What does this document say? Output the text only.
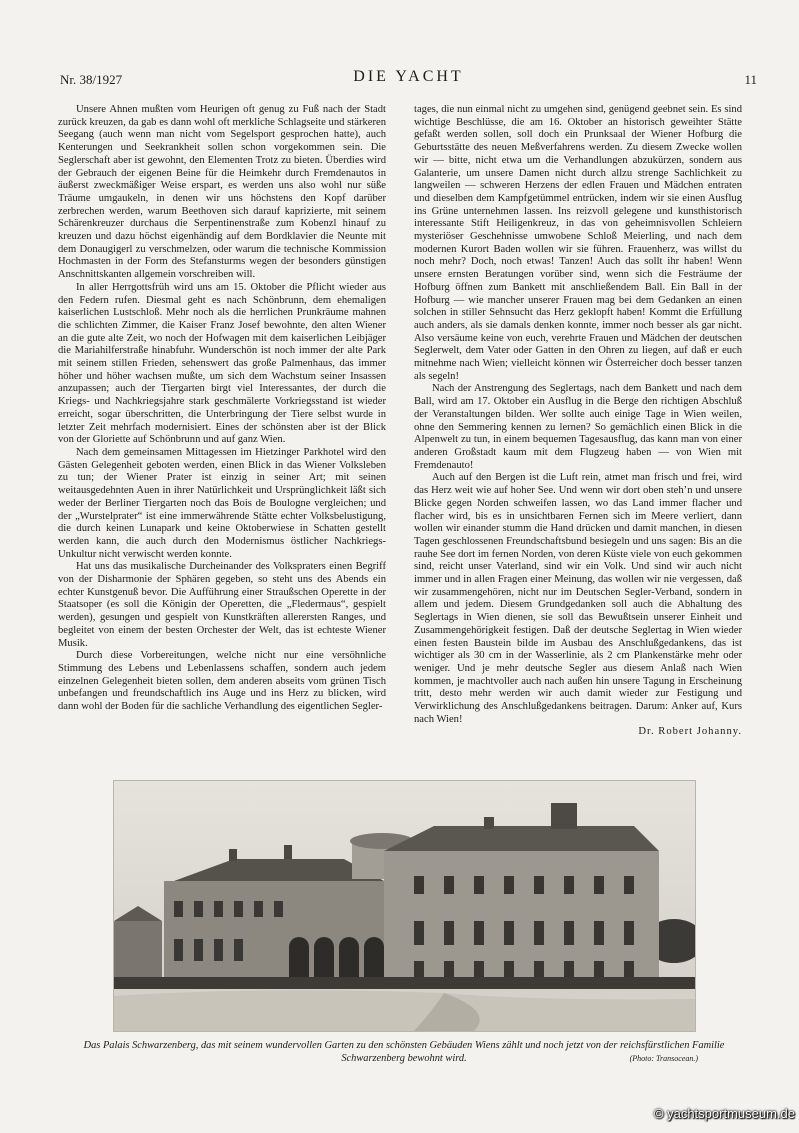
Nr. 38/1927	DIE YACHT	11

Unsere Ahnen mußten vom Heurigen oft genug zu Fuß nach der Stadt zurück kreuzen, da gab es dann wohl oft merkliche Schlagseite und stärkeren Seegang (auch wenn man nicht vom Segelsport gesprochen hatte), auch Kenterungen und Seekrankheit sollen schon vorgekommen sein. Die Seglerschaft aber ist gewohnt, den Elementen Trotz zu bieten. Überdies wird der Gebrauch der eigenen Beine für die Heimkehr durch Fremdenautos in äußerst zweckmäßiger Weise erspart, es werden uns also wohl nur süße Träume umgaukeln, in denen wir uns höchstens den Kopf darüber zerbrechen werden, warum Beethoven sich darauf kaprizierte, mit seinem Schärenkreuzer durchaus die Serpentinenstraße zum Kobenzl hinauf zu kreuzen und dazu höchst eigenhändig auf dem Bordklavier die Neunte mit dem Donaugigerl zu verschmelzen, oder warum die technische Kommission Hochmasten in der Form des Stefansturms wegen der besonders günstigen Anschnittskanten allgemein vorschreiben will.

In aller Herrgottsfrüh wird uns am 15. Oktober die Pflicht wieder aus den Federn rufen. Diesmal geht es nach Schönbrunn, dem ehemaligen kaiserlichen Lustschloß. Mehr noch als die herrlichen Prunkräume mahnen die schlichten Zimmer, die Kaiser Franz Josef bewohnte, den alten Wiener an die gute alte Zeit, wo noch der Hofwagen mit dem kaiserlichen Leibjäger die Mariahilferstraße hinabfuhr. Wunderschön ist noch immer der alte Park mit seinem stillen Frieden, sehenswert das große Palmenhaus, das immer höher und höher wachsen mußte, um sich dem Wachstum seiner Insassen anzupassen; auch der Tiergarten birgt viel Interessantes, der durch die Kriegs- und Nachkriegsjahre stark geschmälerte Vorkriegsstand ist wieder erreicht, sogar überschritten, die Unterbringung der Tiere selbst wurde in letzter Zeit mehrfach modernisiert. Eines der schönsten aber ist der Blick von der Gloriette auf Schönbrunn und auf ganz Wien.

Nach dem gemeinsamen Mittagessen im Hietzinger Parkhotel wird den Gästen Gelegenheit geboten werden, einen Blick in das Wiener Volksleben zu tun; der Wiener Prater ist einzig in seiner Art; mit seinen weitausgedehnten Auen in ihrer Natürlichkeit und Ursprünglichkeit läßt sich weder der Berliner Tiergarten noch das Bois de Boulogne vergleichen; und der „Wurstelprater“ ist eine immerwährende Stätte echter Volksbelustigung, die durch keinen Lunapark und keine Oktoberwiese in Schatten gestellt werden kann, die auch durch den Modernismus östlicher Nachkriegs-Unkultur nicht verwischt werden konnte.

Hat uns das musikalische Durcheinander des Volkspraters einen Begriff von der Disharmonie der Sphären gegeben, so steht uns des Abends ein echter Kunstgenuß bevor. Die Aufführung einer Straußschen Operette in der Staatsoper (es soll die Königin der Operetten, die „Fledermaus“, gespielt werden), gesungen und gespielt von Kunstkräften allerersten Ranges, und begleitet von einem der besten Orchester der Welt, das ist echteste Wiener Musik.

Durch diese Vorbereitungen, welche nicht nur eine versöhnliche Stimmung des Lebens und Lebenlassens schaffen, sondern auch jedem einzelnen Gelegenheit bieten sollen, dem anderen abseits vom grünen Tisch unbefangen und freundschaftlich ins Auge und ins Herz zu blicken, wird dann wohl der Boden für die sachliche Verhandlung des eigentlichen Segler-

tages, die nun einmal nicht zu umgehen sind, genügend geebnet sein. Es sind wichtige Beschlüsse, die am 16. Oktober an historisch geweihter Stätte gefaßt werden sollen, soll doch ein Prunksaal der Wiener Hofburg die Geburtsstätte des neuen Meßverfahrens werden. Zu diesem Zwecke wollen wir — bitte, nicht etwa um die Verhandlungen abzukürzen, sondern aus Galanterie, um unsere Damen nicht durch allzu strenge Sachlichkeit zu langweilen — schweren Herzens der edlen Frauen und Mädchen entraten und dieselben dem Kampfgetümmel entrücken, indem wir sie einen Ausflug ins Grüne unternehmen lassen. Ins reizvoll gelegene und kunsthistorisch interessante Stift Heiligenkreuz, in das von geheimnisvollen Schleiern mysteriöser Geschehnisse umwobene Schloß Meierling, und nach dem modernen Kurort Baden wollen wir sie führen. Frauenherz, was willst du noch mehr? Doch, noch etwas! Tanzen! Auch das sollt ihr haben! Wenn unsere ernsten Beratungen vorüber sind, wenn sich die Festräume der Hofburg öffnen zum Bankett mit anschließendem Ball. Ein Ball in der Hofburg — wie mancher unserer Frauen mag bei dem Gedanken an einen solchen in stiller Sehnsucht das Herz geklopft haben! Kommt die Erfüllung auch anders, als sie damals denken konnte, immer noch besser als gar nicht. Also versäume keine von euch, verehrte Frauen und Mädchen der deutschen Seglerwelt, dem Vater oder Gatten in den Ohren zu liegen, auf daß er euch mitnehme nach Wien; vielleicht können wir Österreicher doch besser tanzen als segeln!

Nach der Anstrengung des Seglertags, nach dem Bankett und nach dem Ball, wird am 17. Oktober ein Ausflug in die Berge den richtigen Abschluß der Veranstaltungen bilden. Wer sollte auch einige Tage in Wien weilen, ohne den Semmering kennen zu lernen? So gemächlich einen Blick in die Alpenwelt zu tun, in einem bequemen Tagesausflug, das kann man von einer anderen Großstadt kaum mit dem Flugzeug haben — von Wien mit Fremdenauto!

Auch auf den Bergen ist die Luft rein, atmet man frisch und frei, wird das Herz weit wie auf hoher See. Und wenn wir dort oben steh’n und unsere Blicke gegen Norden schweifen lassen, wo das Land immer flacher und flacher wird, bis es in unsichtbaren Fernen sich im Meere verliert, dann wollen wir einander stumm die Hand drücken und damit manchen, in diesen Tagen geschlossenen Freundschaftsbund besiegeln und uns sagen: Bis an die rauhe See dort im fernen Norden, von deren Küste viele von euch gekommen sind, reicht unser Vaterland, sind wir ein Volk. Und sind wir auch nicht immer und in allen Fragen einer Meinung, das wollen wir nie vergessen, daß wir zusammengehören, nicht nur im Deutschen Segler-Verband, sondern in allem und jedem. Diesem Grundgedanken soll auch die Abhaltung des Seglertags in Wien dienen, sie soll das Bewußtsein unserer Einheit und Zusammengehörigkeit festigen. Daß der deutsche Seglertag in Wien wieder einen festen Baustein bilde im Ausbau des Anschlußgedankens, das ist wichtiger als 30 cm in der Wasserlinie, als 2 cm Plankenstärke mehr oder weniger. Und je mehr deutsche Segler aus diesem Anlaß nach Wien kommen, je machtvoller auch nach außen hin unsere Tagung in Erscheinung tritt, desto mehr werden wir auch damit wieder zur Festigung und Verwirklichung des Anschlußgedankens beitragen. Darum: Anker auf, Kurs nach Wien!

Dr. Robert Johanny.

Das Palais Schwarzenberg, das mit seinem wundervollen Garten zu den schönsten Gebäuden Wiens zählt und noch jetzt von der reichsfürstlichen Familie Schwarzenberg bewohnt wird.	(Photo: Transocean.)
© yachtsportmuseum.de
